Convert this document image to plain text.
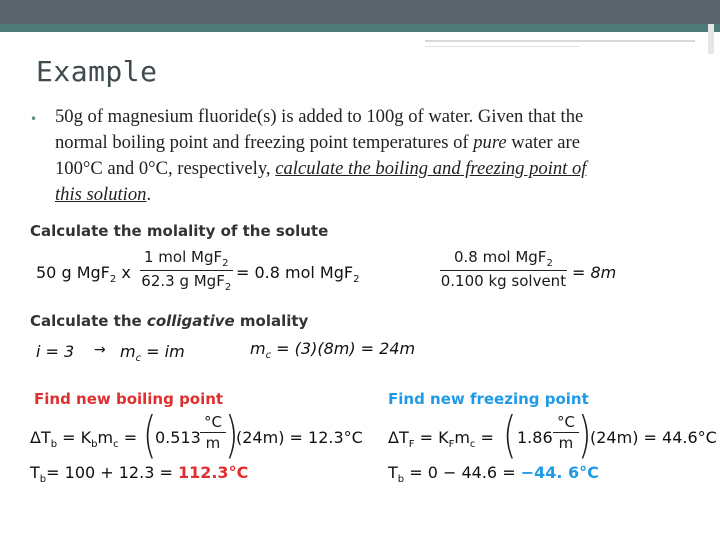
Example
• 50g of magnesium fluoride(s) is added to 100g of water. Given that the
normal boiling point and freezing point temperatures of pure water are
100°C and 0°C, respectively, calculate the boiling and freezing point of
this solution.
Calculate the molality of the solute
50 g MgF$_2$ x
1 mol MgF$_2$
62.3 g MgF$_2$
= 0.8 mol MgF$_2$
0.8 mol MgF$_2$
0.100 kg solvent = 8m
Calculate the colligative molality
$i = 3 \to m_c$ = im	$m_c = (3)(8m) = 24m$
Find new boiling point
$\Delta T_b = K_bm_c$ = (
$0.513 \frac{^\circ C}{m}$
)
(24m) = 12.3°C
$T_b= 100 + 12.3 = 112.3^\circ C$
Find new freezing point
$\Delta T_F = K_Fm_c$ = ( $1.86 \frac{^\circ C}{m}$
)
(24m) = 44.6°C
$T_b = 0 - 44.6 = -44$. 6°C
